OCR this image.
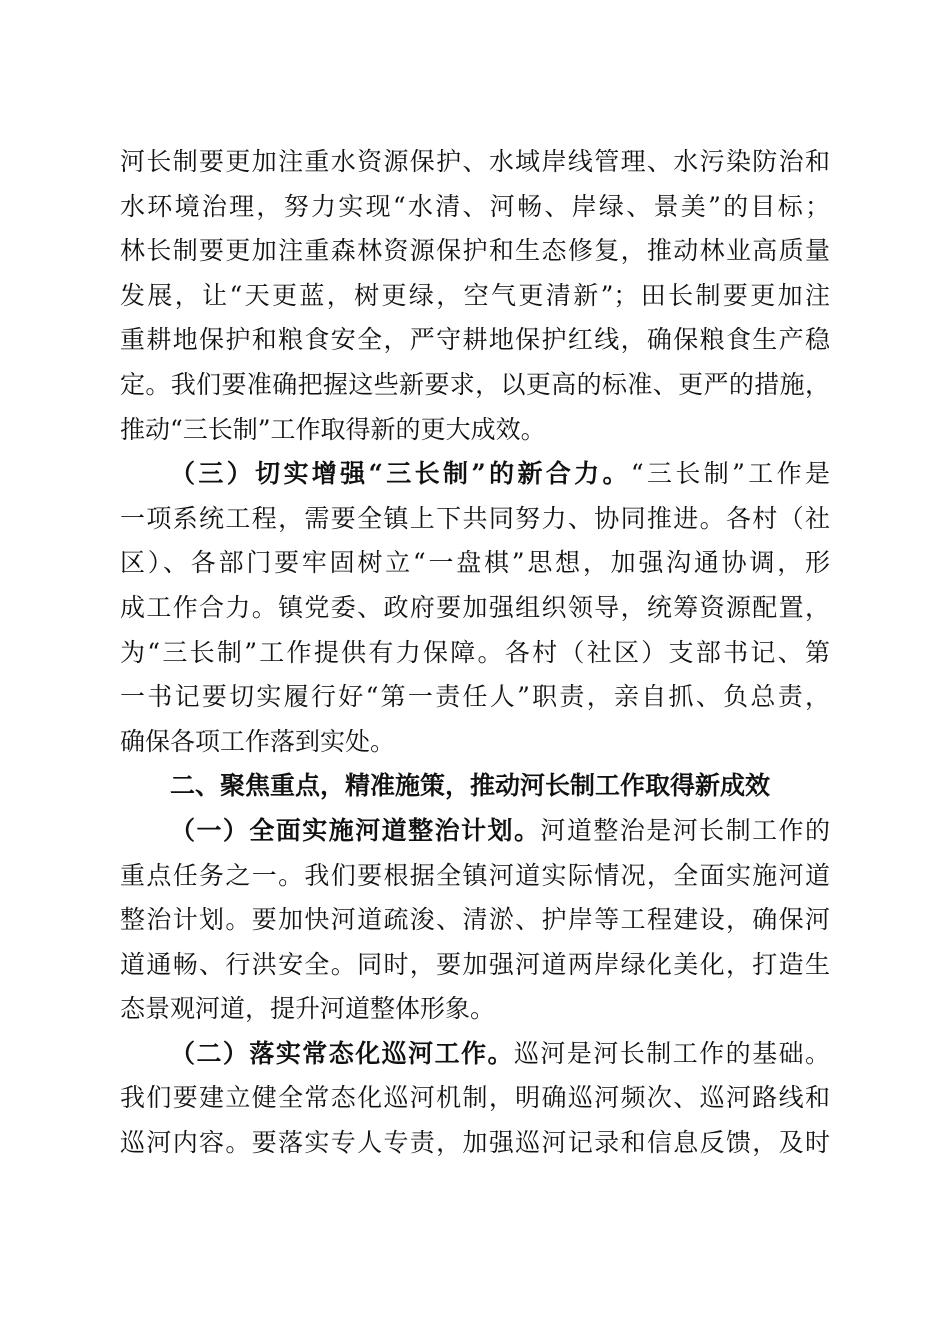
河长制要更加注重水资源保护、水域岸线管理、水污染防治和
水环境治理，努力实现“水清、河畅、岸绿、景美”的目标；
林长制要更加注重森林资源保护和生态修复，推动林业高质量
发展，让“天更蓝，树更绿，空气更清新”；田长制要更加注
重耕地保护和粮食安全，严守耕地保护红线，确保粮食生产稳
定。我们要准确把握这些新要求，以更高的标准、更严的措施，
推动“三长制”工作取得新的更大成效。
（三）切实增强“三长制”的新合力。“三长制”工作是
一项系统工程，需要全镇上下共同努力、协同推进。各村（社
区）、各部门要牢固树立“一盘棋”思想，加强沟通协调，形
成工作合力。镇党委、政府要加强组织领导，统筹资源配置，
为“三长制”工作提供有力保障。各村（社区）支部书记、第
一书记要切实履行好“第一责任人”职责，亲自抓、负总责，
确保各项工作落到实处。
二、聚焦重点，精准施策，推动河长制工作取得新成效
（一）全面实施河道整治计划。河道整治是河长制工作的
重点任务之一。我们要根据全镇河道实际情况，全面实施河道
整治计划。要加快河道疏浚、清淤、护岸等工程建设，确保河
道通畅、行洪安全。同时，要加强河道两岸绿化美化，打造生
态景观河道，提升河道整体形象。
（二）落实常态化巡河工作。巡河是河长制工作的基础。
我们要建立健全常态化巡河机制，明确巡河频次、巡河路线和
巡河内容。要落实专人专责，加强巡河记录和信息反馈，及时
